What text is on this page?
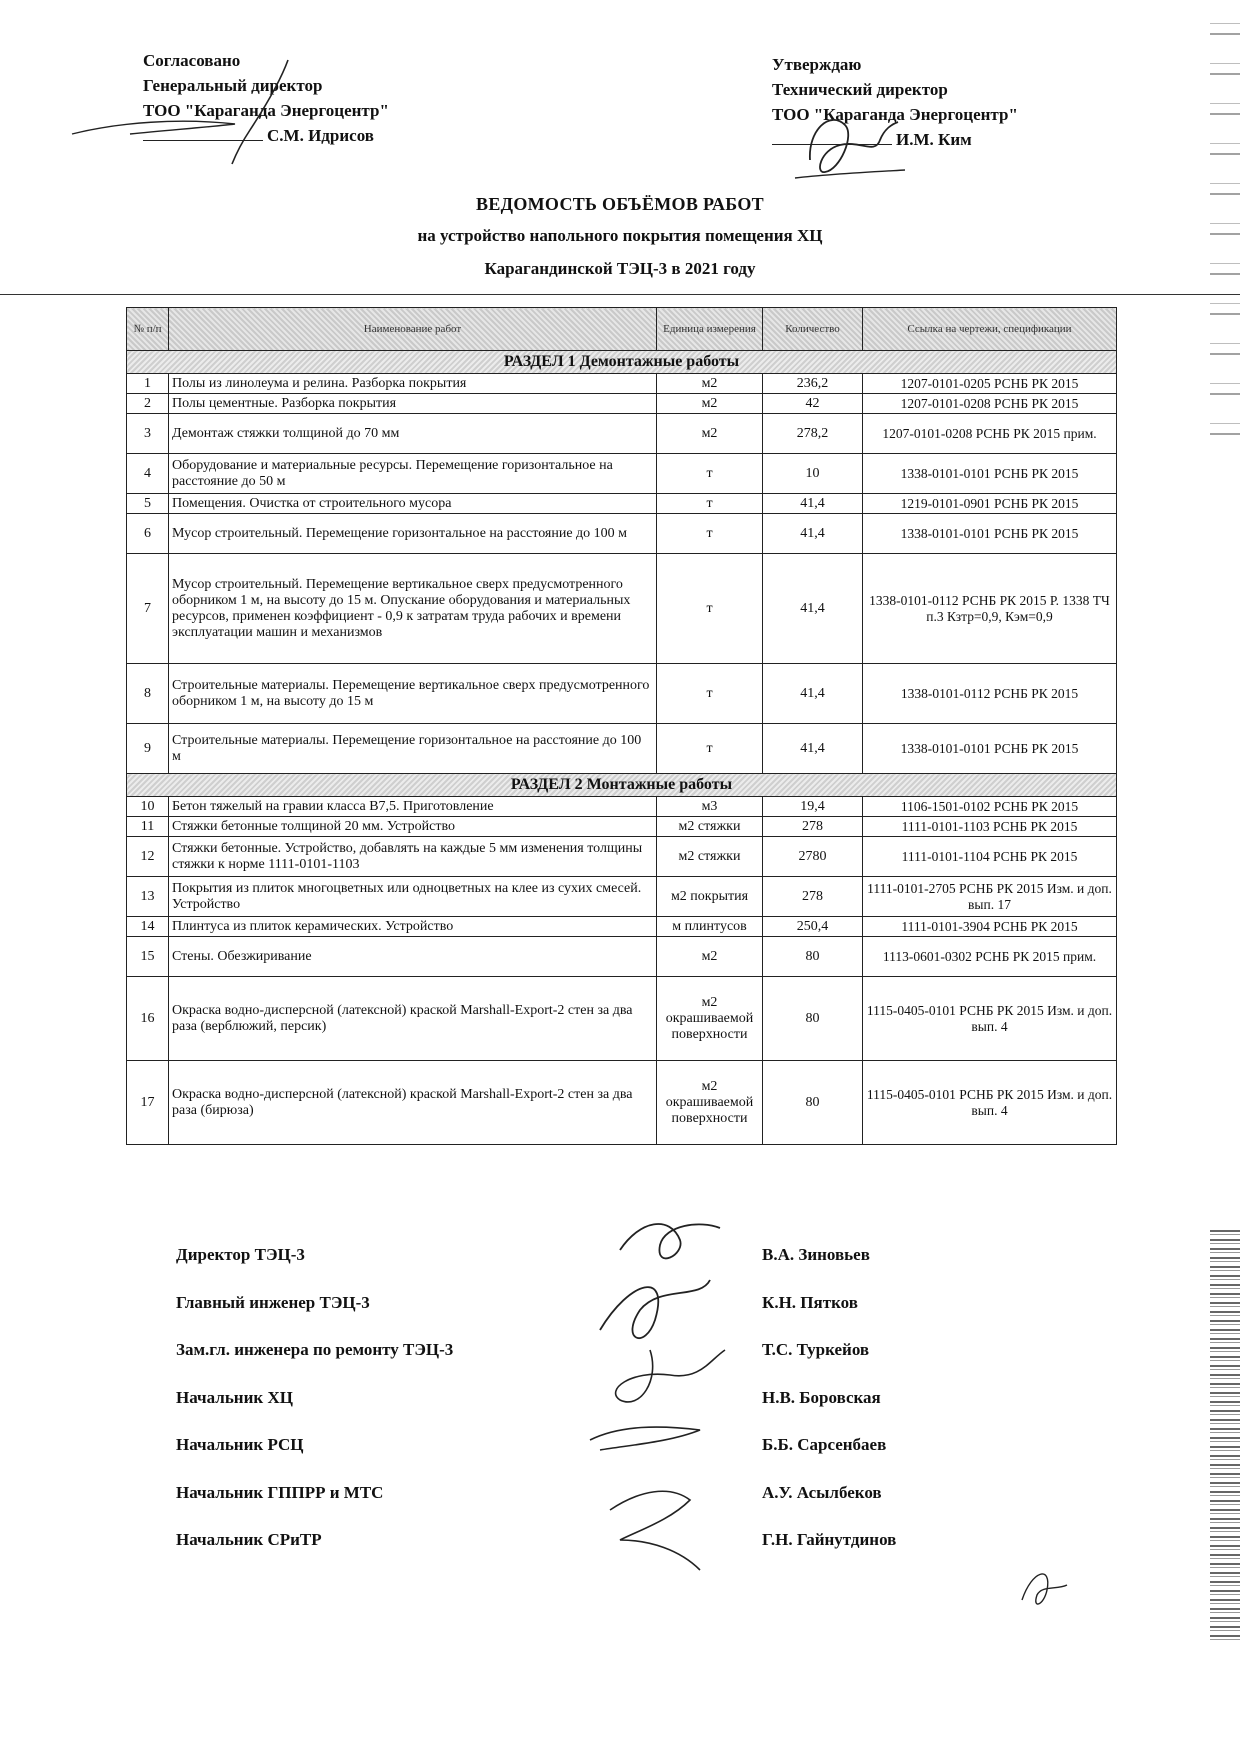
Согласовано
Генеральный директор
ТОО "Караганда Энергоцентр"
С.М. Идрисов
Утверждаю
Технический директор
ТОО "Караганда Энергоцентр"
И.М. Ким
ВЕДОМОСТЬ ОБЪЁМОВ РАБОТ
на устройство напольного покрытия помещения ХЦ
Карагандинской ТЭЦ-3 в 2021 году
№ п/п	Наименование работ	Единица измерения	Количество	Ссылка на чертежи, спецификации
РАЗДЕЛ 1 Демонтажные работы				
1	Полы из линолеума и релина. Разборка покрытия	м2	236,2	1207-0101-0205 РСНБ РК 2015
2	Полы цементные. Разборка покрытия	м2	42	1207-0101-0208 РСНБ РК 2015
3	Демонтаж стяжки толщиной до 70 мм	м2	278,2	1207-0101-0208 РСНБ РК 2015 прим.
4	Оборудование и материальные ресурсы. Перемещение горизонтальное на расстояние до 50 м	т	10	1338-0101-0101 РСНБ РК 2015
5	Помещения. Очистка от строительного мусора	т	41,4	1219-0101-0901 РСНБ РК 2015
6	Мусор строительный. Перемещение горизонтальное на расстояние до 100 м	т	41,4	1338-0101-0101 РСНБ РК 2015
7	Мусор строительный. Перемещение вертикальное сверх предусмотренного оборником 1 м, на высоту до 15 м. Опускание оборудования и материальных ресурсов, применен коэффициент - 0,9 к затратам труда рабочих и времени эксплуатации машин и механизмов	т	41,4	1338-0101-0112 РСНБ РК 2015 Р. 1338 ТЧ п.3 Кзтр=0,9, Кэм=0,9
8	Строительные материалы. Перемещение вертикальное сверх предусмотренного оборником 1 м, на высоту до 15 м	т	41,4	1338-0101-0112 РСНБ РК 2015
9	Строительные материалы. Перемещение горизонтальное на расстояние до 100 м	т	41,4	1338-0101-0101 РСНБ РК 2015
РАЗДЕЛ 2 Монтажные работы				
10	Бетон тяжелый на гравии класса В7,5. Приготовление	м3	19,4	1106-1501-0102 РСНБ РК 2015
11	Стяжки бетонные толщиной 20 мм. Устройство	м2 стяжки	278	1111-0101-1103 РСНБ РК 2015
12	Стяжки бетонные. Устройство, добавлять на каждые 5 мм изменения толщины стяжки к норме 1111-0101-1103	м2 стяжки	2780	1111-0101-1104 РСНБ РК 2015
13	Покрытия из плиток многоцветных или одноцветных на клее из сухих смесей. Устройство	м2 покрытия	278	1111-0101-2705 РСНБ РК 2015 Изм. и доп. вып. 17
14	Плинтуса из плиток керамических. Устройство	м плинтусов	250,4	1111-0101-3904 РСНБ РК 2015
15	Стены. Обезжиривание	м2	80	1113-0601-0302 РСНБ РК 2015 прим.
16	Окраска водно-дисперсной (латексной) краской Marshall-Export-2 стен за два раза (верблюжий, персик)	м2 окрашиваемой поверхности	80	1115-0405-0101 РСНБ РК 2015 Изм. и доп. вып. 4
17	Окраска водно-дисперсной (латексной) краской Marshall-Export-2 стен за два раза (бирюза)	м2 окрашиваемой поверхности	80	1115-0405-0101 РСНБ РК 2015 Изм. и доп. вып. 4
Директор ТЭЦ-3	В.А. Зиновьев
Главный инженер ТЭЦ-3	К.Н. Пятков
Зам.гл. инженера по ремонту ТЭЦ-3	Т.С. Туркейов
Начальник ХЦ	Н.В. Боровская
Начальник РСЦ	Б.Б. Сарсенбаев
Начальник ГППРР и МТС	А.У. Асылбеков
Начальник СРиТР	Г.Н. Гайнутдинов
